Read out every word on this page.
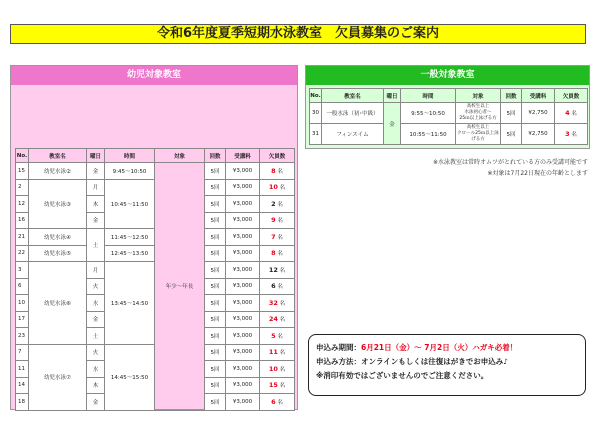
令和6年度夏季短期水泳教室　欠員募集のご案内
幼児対象教室
No.	教室名	曜日	時間	対象	回数	受講料	欠員数
15	幼児水泳②	金	9:45～10:50	年少～年長	5回	¥3,000	8 名
2	幼児水泳③	月	10:45～11:50		5回	¥3,000	10 名
12		木			5回	¥3,000	2 名
16		金			5回	¥3,000	9 名
21	幼児水泳④	土	11:45～12:50		5回	¥3,000	7 名
22	幼児水泳⑤		12:45～13:50		5回	¥3,000	8 名
3	幼児水泳⑥	月	13:45～14:50		5回	¥3,000	12 名
6		火			5回	¥3,000	6 名
10		水			5回	¥3,000	32 名
17		金			5回	¥3,000	24 名
23		土			5回	¥3,000	5 名
7	幼児水泳⑦	火	14:45～15:50		5回	¥3,000	11 名
11		水			5回	¥3,000	10 名
14		木			5回	¥3,000	15 名
18		金			5回	¥3,000	6 名
一般対象教室
No.	教室名	曜日	時間	対象	回数	受講料	欠員数
30	一般水泳（初･中級）	金	9:55～10:50	高校生以上
水泳初心者～
25ｍ以上泳げる方	5回	¥2,750	4 名
31	フィンスイム		10:55～11:50	高校生以上
クロール25ｍ以上泳げる方	5回	¥2,750	3 名
※水泳教室は常時オムツがとれている方のみ受講可能です
※対象は7月22日現在の年齢とします
申込み期間：6月21日（金）～ 7月2日（火）ハガキ必着！
申込み方法：オンラインもしくは往復はがきでお申込み♪
※消印有効ではございませんのでご注意ください。
